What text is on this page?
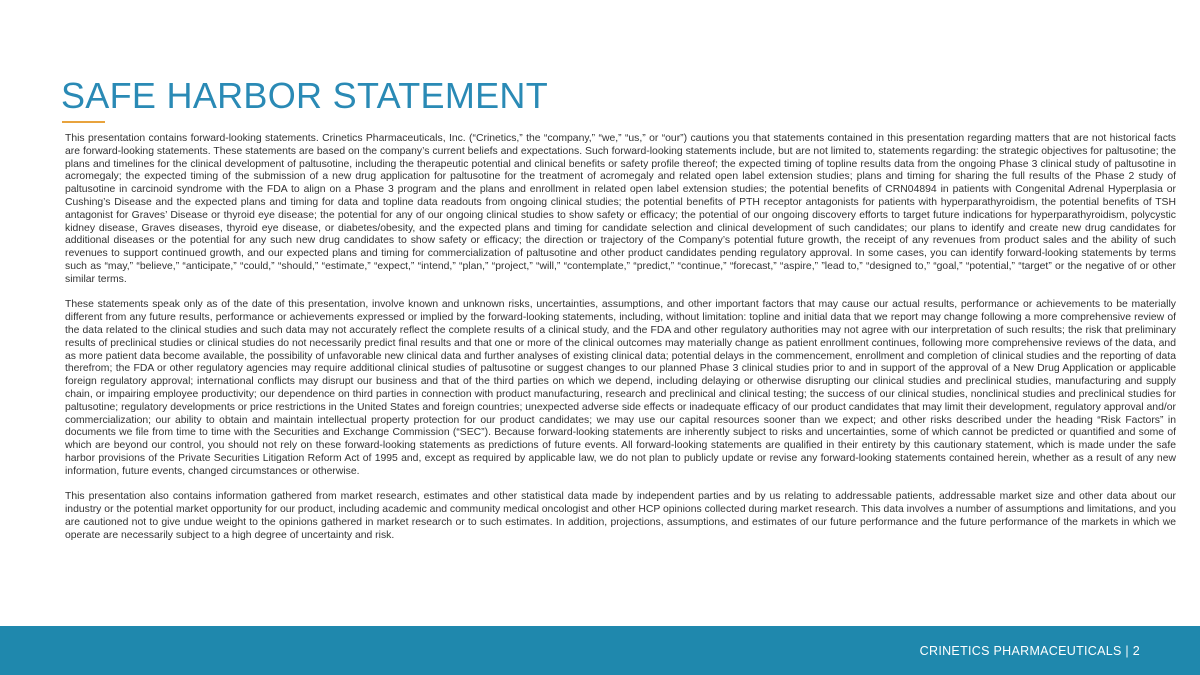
SAFE HARBOR STATEMENT

This presentation contains forward-looking statements. Crinetics Pharmaceuticals, Inc. (“Crinetics,” the “company,” “we,” “us,” or “our”) cautions you that statements contained in this presentation regarding matters that are not historical facts are forward-looking statements. These statements are based on the company’s current beliefs and expectations. Such forward-looking statements include, but are not limited to, statements regarding: the strategic objectives for paltusotine; the plans and timelines for the clinical development of paltusotine, including the therapeutic potential and clinical benefits or safety profile thereof; the expected timing of topline results data from the ongoing Phase 3 clinical study of paltusotine in acromegaly; the expected timing of the submission of a new drug application for paltusotine for the treatment of acromegaly and related open label extension studies; plans and timing for sharing the full results of the Phase 2 study of paltusotine in carcinoid syndrome with the FDA to align on a Phase 3 program and the plans and enrollment in related open label extension studies; the potential benefits of CRN04894 in patients with Congenital Adrenal Hyperplasia or Cushing’s Disease and the expected plans and timing for data and topline data readouts from ongoing clinical studies; the potential benefits of PTH receptor antagonists for patients with hyperparathyroidism, the potential benefits of TSH antagonist for Graves’ Disease or thyroid eye disease; the potential for any of our ongoing clinical studies to show safety or efficacy; the potential of our ongoing discovery efforts to target future indications for hyperparathyroidism, polycystic kidney disease, Graves diseases, thyroid eye disease, or diabetes/obesity, and the expected plans and timing for candidate selection and clinical development of such candidates; our plans to identify and create new drug candidates for additional diseases or the potential for any such new drug candidates to show safety or efficacy; the direction or trajectory of the Company’s potential future growth, the receipt of any revenues from product sales and the ability of such revenues to support continued growth, and our expected plans and timing for commercialization of paltusotine and other product candidates pending regulatory approval. In some cases, you can identify forward-looking statements by terms such as “may,” “believe,” “anticipate,” “could,” “should,” “estimate,” “expect,” “intend,” “plan,” “project,” “will,” “contemplate,” “predict,” “continue,” “forecast,” “aspire,” ”lead to,” “designed to,” “goal,” “potential,” “target” or the negative of or other similar terms.

These statements speak only as of the date of this presentation, involve known and unknown risks, uncertainties, assumptions, and other important factors that may cause our actual results, performance or achievements to be materially different from any future results, performance or achievements expressed or implied by the forward-looking statements, including, without limitation: topline and initial data that we report may change following a more comprehensive review of the data related to the clinical studies and such data may not accurately reflect the complete results of a clinical study, and the FDA and other regulatory authorities may not agree with our interpretation of such results; the risk that preliminary results of preclinical studies or clinical studies do not necessarily predict final results and that one or more of the clinical outcomes may materially change as patient enrollment continues, following more comprehensive reviews of the data, and as more patient data become available, the possibility of unfavorable new clinical data and further analyses of existing clinical data; potential delays in the commencement, enrollment and completion of clinical studies and the reporting of data therefrom; the FDA or other regulatory agencies may require additional clinical studies of paltusotine or suggest changes to our planned Phase 3 clinical studies prior to and in support of the approval of a New Drug Application or applicable foreign regulatory approval; international conflicts may disrupt our business and that of the third parties on which we depend, including delaying or otherwise disrupting our clinical studies and preclinical studies, manufacturing and supply chain, or impairing employee productivity; our dependence on third parties in connection with product manufacturing, research and preclinical and clinical testing; the success of our clinical studies, nonclinical studies and preclinical studies for paltusotine; regulatory developments or price restrictions in the United States and foreign countries; unexpected adverse side effects or inadequate efficacy of our product candidates that may limit their development, regulatory approval and/or commercialization; our ability to obtain and maintain intellectual property protection for our product candidates; we may use our capital resources sooner than we expect; and other risks described under the heading “Risk Factors” in documents we file from time to time with the Securities and Exchange Commission (“SEC”). Because forward-looking statements are inherently subject to risks and uncertainties, some of which cannot be predicted or quantified and some of which are beyond our control, you should not rely on these forward-looking statements as predictions of future events. All forward-looking statements are qualified in their entirety by this cautionary statement, which is made under the safe harbor provisions of the Private Securities Litigation Reform Act of 1995 and, except as required by applicable law, we do not plan to publicly update or revise any forward-looking statements contained herein, whether as a result of any new information, future events, changed circumstances or otherwise.

This presentation also contains information gathered from market research, estimates and other statistical data made by independent parties and by us relating to addressable patients, addressable market size and other data about our industry or the potential market opportunity for our product, including academic and community medical oncologist and other HCP opinions collected during market research. This data involves a number of assumptions and limitations, and you are cautioned not to give undue weight to the opinions gathered in market research or to such estimates. In addition, projections, assumptions, and estimates of our future performance and the future performance of the markets in which we operate are necessarily subject to a high degree of uncertainty and risk.

CRINETICS PHARMACEUTICALS | 2
